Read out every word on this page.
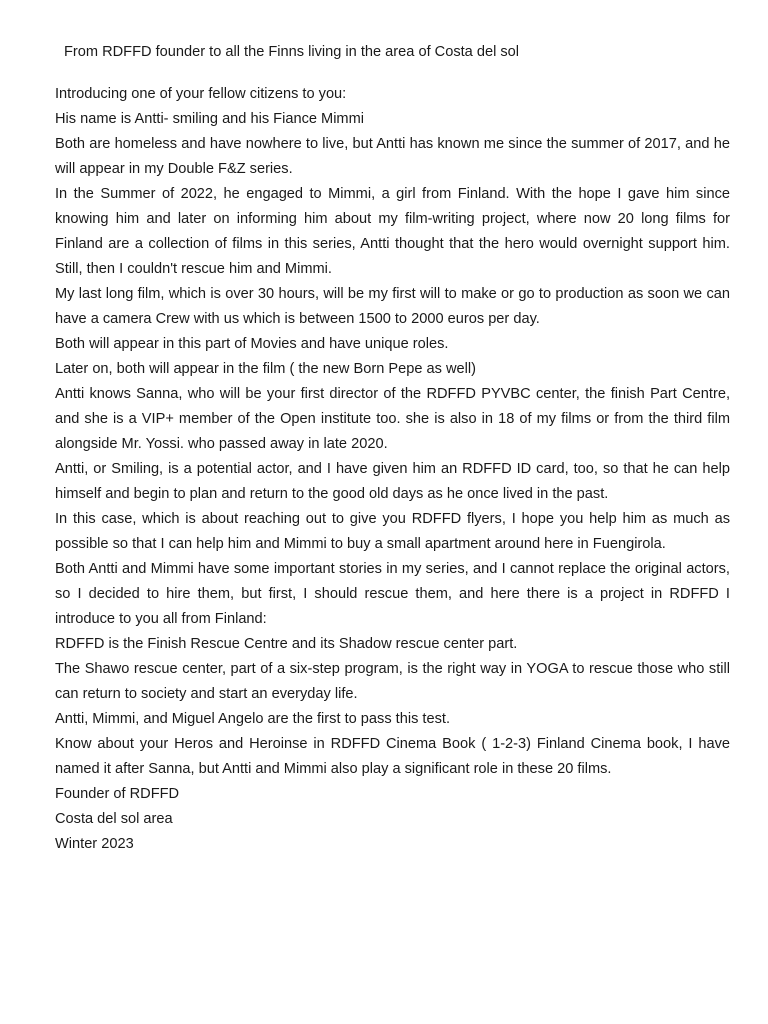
From RDFFD founder to all the Finns living in the area of Costa del sol

Introducing one of your fellow citizens to you:

His name is Antti- smiling and his Fiance Mimmi

Both are homeless and have nowhere to live, but Antti has known me since the summer of 2017, and he will appear in my Double F&Z series.

In the Summer of 2022, he engaged to Mimmi, a girl from Finland. With the hope I gave him since knowing him and later on informing him about my film-writing project, where now 20 long films for Finland are a collection of films in this series, Antti thought that the hero would overnight support him. Still, then I couldn't rescue him and Mimmi.

My last long film, which is over 30 hours, will be my first will to make or go to production as soon we can have a camera Crew with us which is between 1500 to 2000 euros per day.

Both will appear in this part of Movies and have unique roles.

Later on, both will appear in the film ( the new Born Pepe as well)

Antti knows Sanna, who will be your first director of the RDFFD PYVBC center, the finish Part Centre, and she is a VIP+ member of the Open institute too. she is also in 18 of my films or from the third film alongside Mr. Yossi. who passed away in late 2020.

Antti, or Smiling, is a potential actor, and I have given him an RDFFD ID card, too, so that he can help himself and begin to plan and return to the good old days as he once lived in the past.

In this case, which is about reaching out to give you RDFFD flyers, I hope you help him as much as possible so that I can help him and Mimmi to buy a small apartment around here in Fuengirola.

Both Antti and Mimmi have some important stories in my series, and I cannot replace the original actors, so I decided to hire them, but first, I should rescue them, and here there is a project in RDFFD I introduce to you all from Finland:

RDFFD is the Finish Rescue Centre and its Shadow rescue center part.

The Shawo rescue center, part of a six-step program, is the right way in YOGA to rescue those who still can return to society and start an everyday life.

Antti, Mimmi, and Miguel Angelo are the first to pass this test.

Know about your Heros and Heroinse in RDFFD Cinema Book ( 1-2-3) Finland Cinema book, I have named it after Sanna, but Antti and Mimmi also play a significant role in these 20 films.

Founder of RDFFD

Costa del sol area

Winter 2023
